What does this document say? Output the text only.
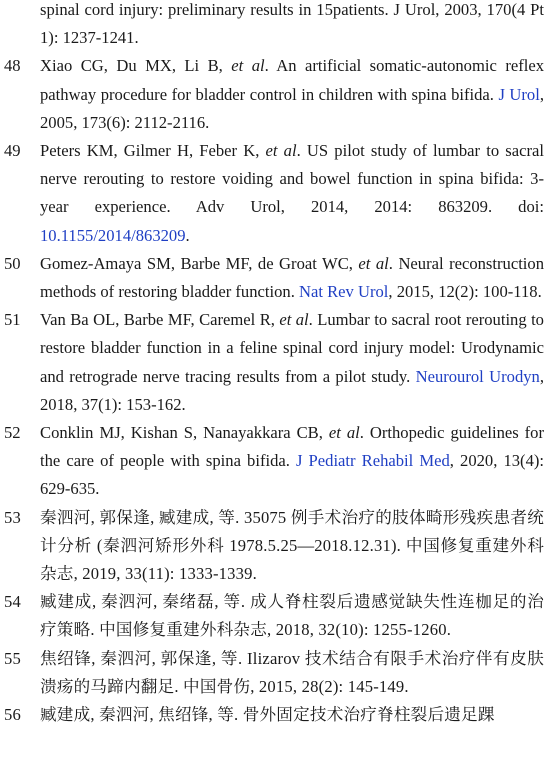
spinal cord injury: preliminary results in 15patients. J Urol, 2003, 170(4 Pt 1): 1237-1241.
48	Xiao CG, Du MX, Li B, et al. An artificial somatic-autonomic reflex pathway procedure for bladder control in children with spina bifida. J Urol, 2005, 173(6): 2112-2116.
49	Peters KM, Gilmer H, Feber K, et al. US pilot study of lumbar to sacral nerve rerouting to restore voiding and bowel function in spina bifida: 3-year experience. Adv Urol, 2014, 2014: 863209. doi: 10.1155/2014/863209.
50	Gomez-Amaya SM, Barbe MF, de Groat WC, et al. Neural reconstruction methods of restoring bladder function. Nat Rev Urol, 2015, 12(2): 100-118.
51	Van Ba OL, Barbe MF, Caremel R, et al. Lumbar to sacral root rerouting to restore bladder function in a feline spinal cord injury model: Urodynamic and retrograde nerve tracing results from a pilot study. Neurourol Urodyn, 2018, 37(1): 153-162.
52	Conklin MJ, Kishan S, Nanayakkara CB, et al. Orthopedic guidelines for the care of people with spina bifida. J Pediatr Rehabil Med, 2020, 13(4): 629-635.
53	秦泗河, 郭保逢, 臧建成, 等. 35075 例手术治疗的肢体畸形残疾患者统计分析 (秦泗河矫形外科 1978.5.25—2018.12.31). 中国修复重建外科杂志, 2019, 33(11): 1333-1339.
54	臧建成, 秦泗河, 秦绪磊, 等. 成人脊柱裂后遗感觉缺失性连枷足的治疗策略. 中国修复重建外科杂志, 2018, 32(10): 1255-1260.
55	焦绍锋, 秦泗河, 郭保逢, 等. Ilizarov 技术结合有限手术治疗伴有皮肤溃疡的马蹄内翻足. 中国骨伤, 2015, 28(2): 145-149.
56	臧建成, 秦泗河, 焦绍锋, 等. 骨外固定技术治疗脊柱裂后遗足踝
